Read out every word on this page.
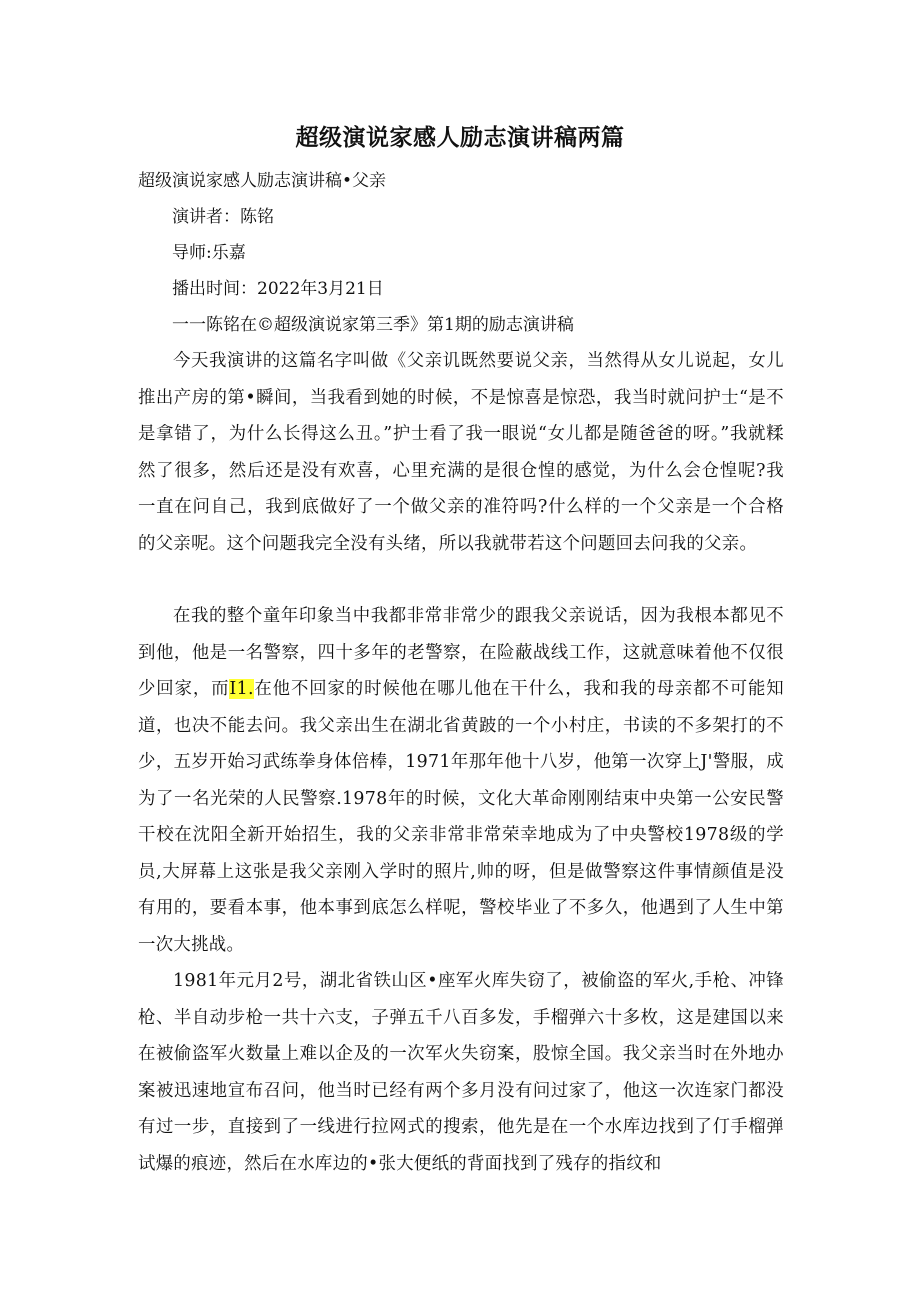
超级演说家感人励志演讲稿两篇

超级演说家感人励志演讲稿•父亲

演讲者：陈铭

导师:乐嘉

播出时间：2022年3月21日

一一陈铭在©超级演说家第三季》第1期的励志演讲稿

今天我演讲的这篇名字叫做《父亲讥既然要说父亲，当然得从女儿说起，女儿推出产房的第•瞬间，当我看到她的时候，不是惊喜是惊恐，我当时就问护士“是不是拿错了，为什么长得这么丑。”护士看了我一眼说“女儿都是随爸爸的呀。”我就糅然了很多，然后还是没有欢喜，心里充满的是很仓惶的感觉，为什么会仓惶呢?我一直在问自己，我到底做好了一个做父亲的准符吗?什么样的一个父亲是一个合格的父亲呢。这个问题我完全没有头绪，所以我就带若这个问题回去问我的父亲。

在我的整个童年印象当中我都非常非常少的跟我父亲说话，因为我根本都见不到他，他是一名警察，四十多年的老警察，在险蔽战线工作，这就意味着他不仅很少回家，而I1.在他不回家的时候他在哪儿他在干什么，我和我的母亲都不可能知道，也决不能去问。我父亲出生在湖北省黄跛的一个小村庄，书读的不多架打的不少，五岁开始习武练拳身体倍棒，1971年那年他十八岁，他第一次穿上J'警服，成为了一名光荣的人民警察.1978年的时候，文化大革命刚刚结束中央第一公安民警干校在沈阳全新开始招生，我的父亲非常非常荣幸地成为了中央警校1978级的学员,大屏幕上这张是我父亲刚入学时的照片,帅的呀，但是做警察这件事情颜值是没有用的，要看本事，他本事到底怎么样呢，警校毕业了不多久，他遇到了人生中第一次大挑战。

1981年元月2号，湖北省铁山区•座军火库失窃了，被偷盗的军火,手枪、冲锋枪、半自动步枪一共十六支，子弹五千八百多发，手榴弹六十多枚，这是建国以来在被偷盗军火数量上难以企及的一次军火失窃案，股惊全国。我父亲当时在外地办案被迅速地宣布召问，他当时已经有两个多月没有问过家了，他这一次连家门都没有过一步，直接到了一线进行拉网式的搜索，他先是在一个水库边找到了仃手榴弹试爆的痕迹，然后在水库边的•张大便纸的背面找到了残存的指纹和
